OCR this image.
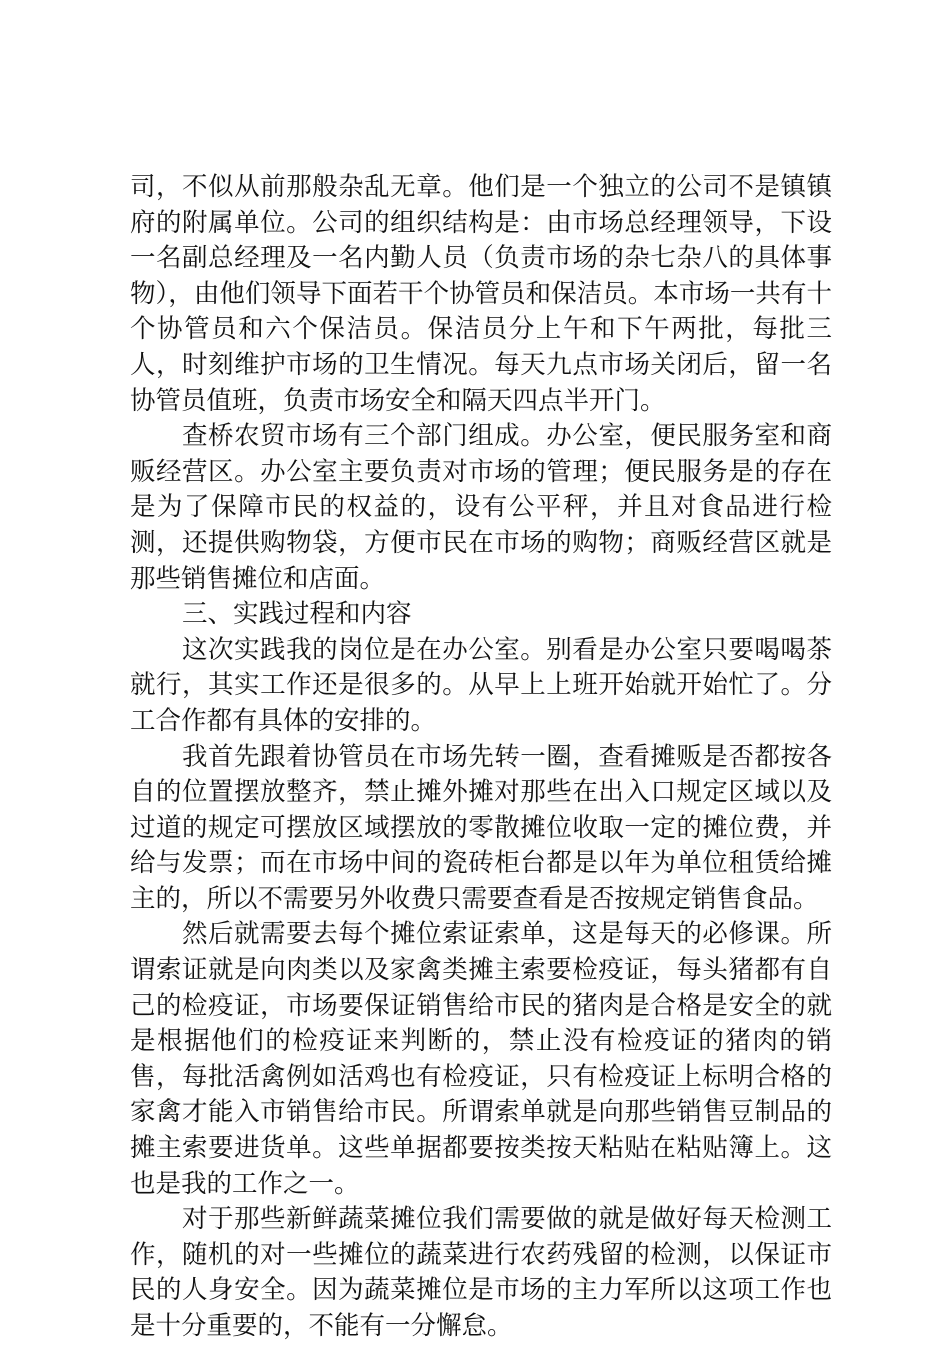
司，不似从前那般杂乱无章。他们是一个独立的公司不是镇镇府的附属单位。公司的组织结构是：由市场总经理领导，下设一名副总经理及一名内勤人员（负责市场的杂七杂八的具体事物），由他们领导下面若干个协管员和保洁员。本市场一共有十个协管员和六个保洁员。保洁员分上午和下午两批，每批三人，时刻维护市场的卫生情况。每天九点市场关闭后，留一名协管员值班，负责市场安全和隔天四点半开门。

查桥农贸市场有三个部门组成。办公室，便民服务室和商贩经营区。办公室主要负责对市场的管理；便民服务是的存在是为了保障市民的权益的，设有公平秤，并且对食品进行检测，还提供购物袋，方便市民在市场的购物；商贩经营区就是那些销售摊位和店面。

三、实践过程和内容

这次实践我的岗位是在办公室。别看是办公室只要喝喝茶就行，其实工作还是很多的。从早上上班开始就开始忙了。分工合作都有具体的安排的。

我首先跟着协管员在市场先转一圈，查看摊贩是否都按各自的位置摆放整齐，禁止摊外摊对那些在出入口规定区域以及过道的规定可摆放区域摆放的零散摊位收取一定的摊位费，并给与发票；而在市场中间的瓷砖柜台都是以年为单位租赁给摊主的，所以不需要另外收费只需要查看是否按规定销售食品。

然后就需要去每个摊位索证索单，这是每天的必修课。所谓索证就是向肉类以及家禽类摊主索要检疫证，每头猪都有自己的检疫证，市场要保证销售给市民的猪肉是合格是安全的就是根据他们的检疫证来判断的，禁止没有检疫证的猪肉的销售，每批活禽例如活鸡也有检疫证，只有检疫证上标明合格的家禽才能入市销售给市民。所谓索单就是向那些销售豆制品的摊主索要进货单。这些单据都要按类按天粘贴在粘贴簿上。这也是我的工作之一。

对于那些新鲜蔬菜摊位我们需要做的就是做好每天检测工作，随机的对一些摊位的蔬菜进行农药残留的检测，以保证市民的人身安全。因为蔬菜摊位是市场的主力军所以这项工作也是十分重要的，不能有一分懈怠。
